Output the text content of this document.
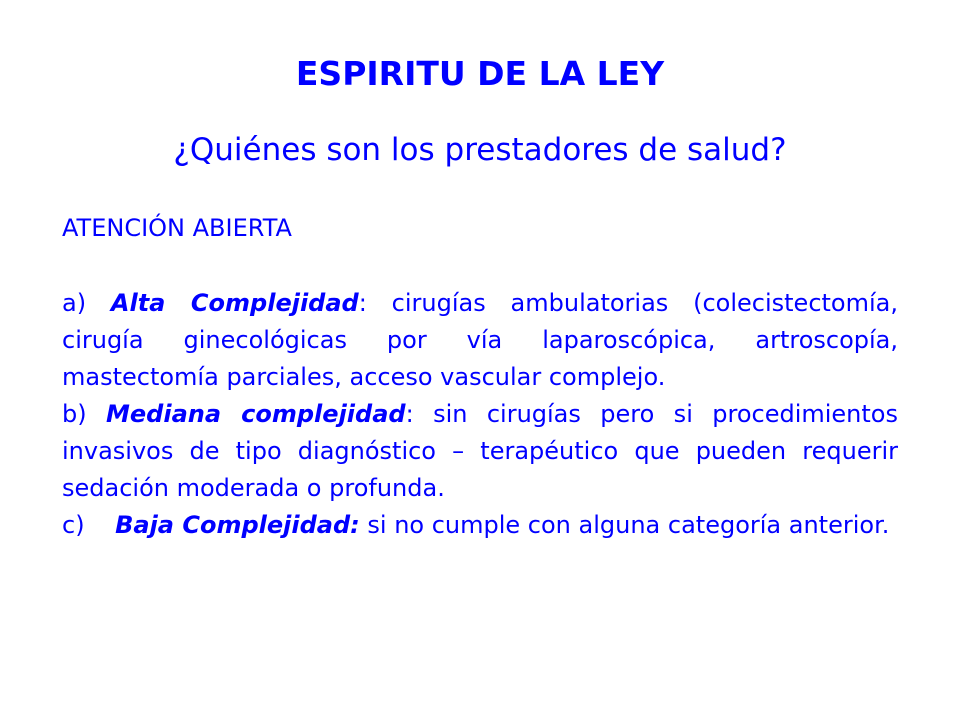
ESPIRITU DE LA LEY
¿Quiénes son los prestadores de salud?
ATENCIÓN ABIERTA

a) Alta Complejidad: cirugías ambulatorias (colecistectomía, cirugía ginecológicas por vía laparoscópica, artroscopía, mastectomía parciales, acceso vascular complejo.

b) Mediana complejidad: sin cirugías pero si procedimientos invasivos de tipo diagnóstico – terapéutico que pueden requerir sedación moderada o profunda.

c) Baja Complejidad: si no cumple con alguna categoría anterior.
